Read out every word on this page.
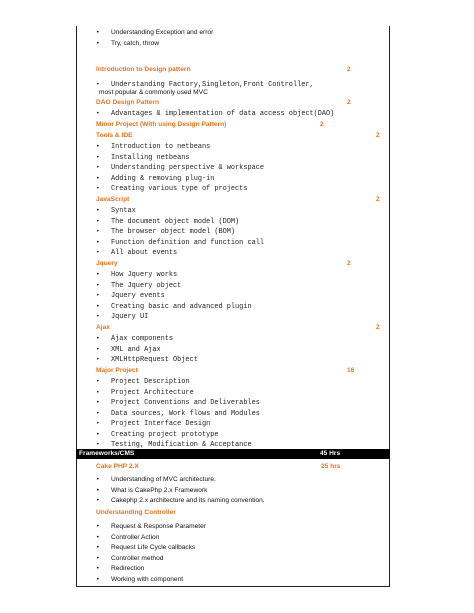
• Understanding Exception and error
• Try, catch, throw
Introduction to Design pattern	2
• Understanding Factory,Singleton,Front Controller,
most popular & commonly used MVC
DAO Design Pattern	2
• Advantages & implementation of data access object(DAO)
Minor Project (With using Design Pattern)	2
Tools & IDE	2
• Introduction to netbeans
• Installing netbeans
• Understanding perspective & workspace
• Adding & removing plug-in
• Creating various type of projects
JavaScript	2
• Syntax
• The document object model (DOM)
• The browser object model (BOM)
• Function definition and function call
• All about events
Jquery	2
• How Jquery works
• The Jquery object
• Jquery events
• Creating basic and advanced plugin
• Jquery UI
Ajax	2
• Ajax components
• XML and Ajax
• XMLHttpRequest Object
Major Project	16
• Project Description
• Project Architecture
• Project Conventions and Deliverables
• Data sources, Work flows and Modules
• Project Interface Design
• Creating project prototype
• Testing, Modification & Acceptance
Frameworks/CMS	45 Hrs
Cake PHP 2.X	25 hrs
• Understanding of MVC architecture.
• What is CakePhp 2.x Framework
• Cakephp 2.x architecture and its naming convention.
Understanding Controller
• Request & Response Parameter
• Controller Action
• Request Life Cycle callbacks
• Controller method
• Redirection
• Working with component
